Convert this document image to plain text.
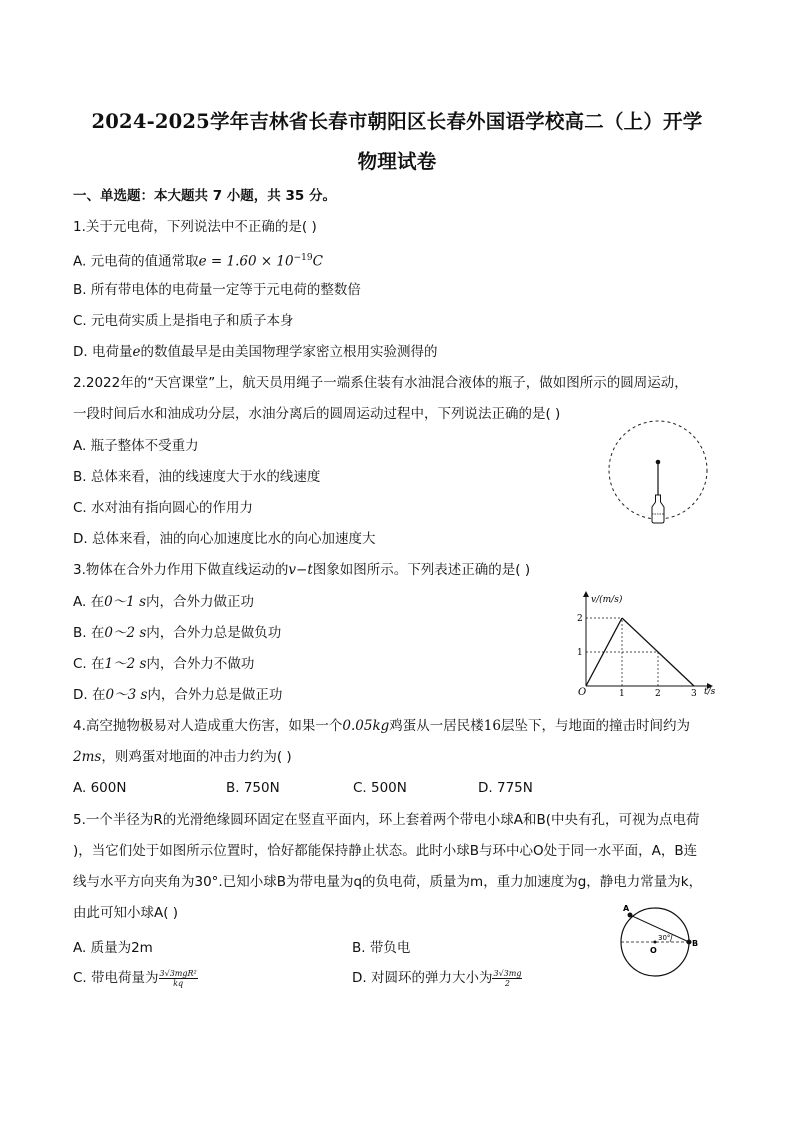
2024-2025学年吉林省长春市朝阳区长春外国语学校高二（上）开学
物理试卷
一、单选题：本大题共 7 小题，共 35 分。
1.关于元电荷，下列说法中不正确的是( )
A. 元电荷的值通常取$e = 1.60 \times 10^{-19}C$
B. 所有带电体的电荷量一定等于元电荷的整数倍
C. 元电荷实质上是指电子和质子本身
D. 电荷量e的数值最早是由美国物理学家密立根用实验测得的
2.2022年的“天宫课堂”上，航天员用绳子一端系住装有水油混合液体的瓶子，做如图所示的圆周运动，
一段时间后水和油成功分层，水油分离后的圆周运动过程中，下列说法正确的是( )
A. 瓶子整体不受重力
B. 总体来看，油的线速度大于水的线速度
C. 水对油有指向圆心的作用力
D. 总体来看，油的向心加速度比水的向心加速度大
3.物体在合外力作用下做直线运动的v−t图象如图所示。下列表述正确的是( )
A. 在0～1 s内，合外力做正功
B. 在0～2 s内，合外力总是做负功
C. 在1～2 s内，合外力不做功
D. 在0～3 s内，合外力总是做正功
v/(m/s)
t/s
O
1
2
1	2	3
4.高空抛物极易对人造成重大伤害，如果一个0.05kg鸡蛋从一居民楼16层坠下，与地面的撞击时间约为
2ms，则鸡蛋对地面的冲击力约为( )
A. 600N	B. 750N	C. 500N	D. 775N
5.一个半径为R的光滑绝缘圆环固定在竖直平面内，环上套着两个带电小球A和B(中央有孔，可视为点电荷
)，当它们处于如图所示位置时，恰好都能保持静止状态。此时小球B与环中心O处于同一水平面，A，B连
线与水平方向夹角为30°.已知小球B为带电量为q的负电荷，质量为m，重力加速度为g，静电力常量为k，
由此可知小球A( )
A. 质量为2m	B. 带负电
C. 带电荷量为 $\frac{\text{3√3mgR²}}{kq}$	D. 对圆环的弹力大小为 $\frac{3√3mg}{2}$
A
B
O
30°
